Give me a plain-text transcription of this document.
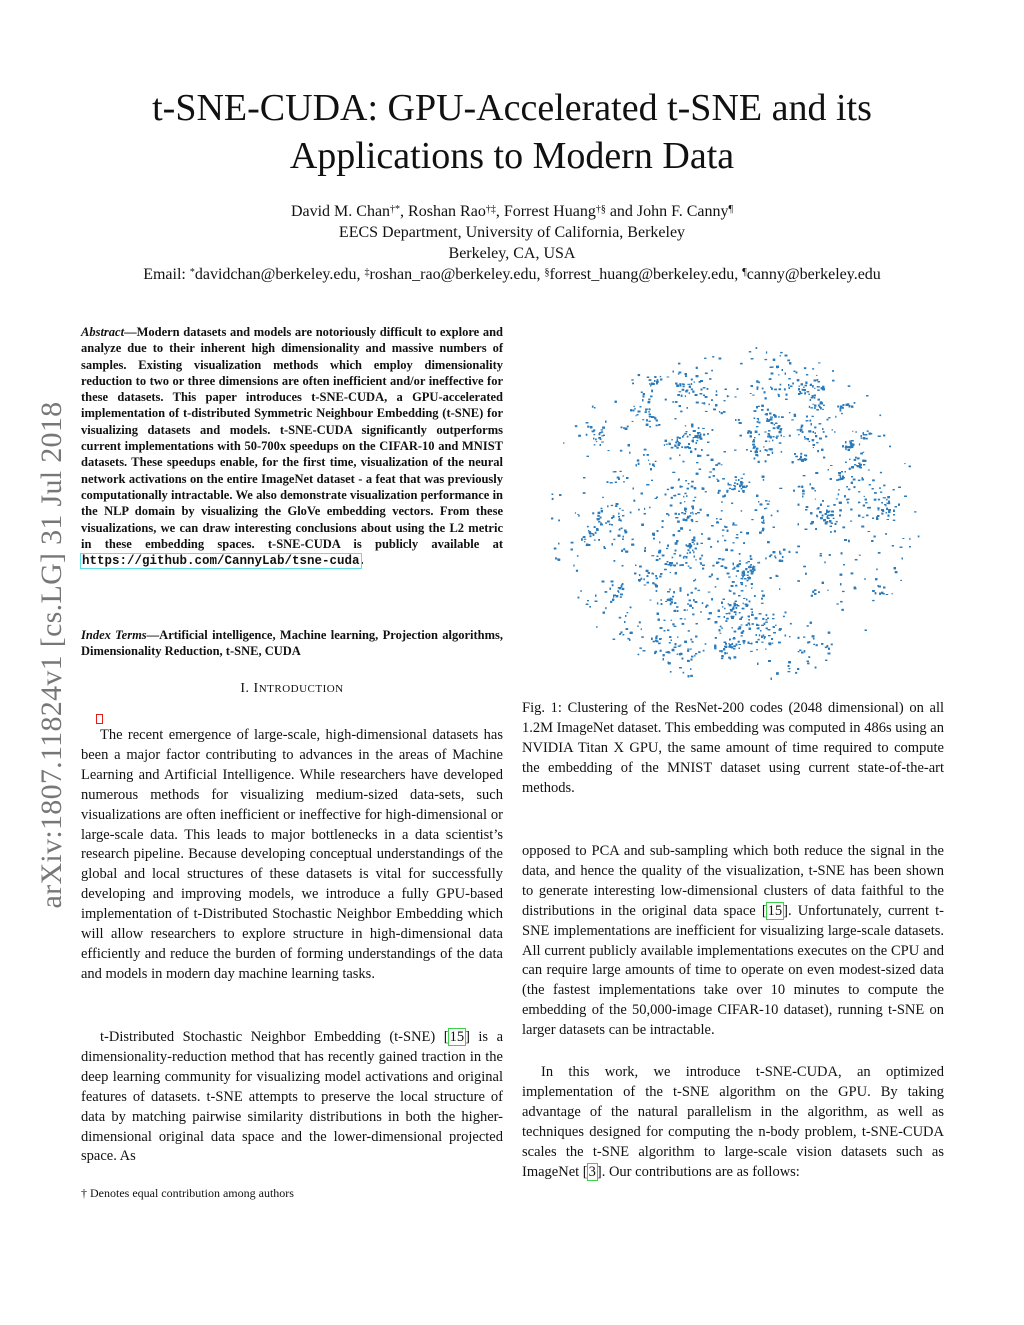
arXiv:1807.11824v1 [cs.LG] 31 Jul 2018
t-SNE-CUDA: GPU-Accelerated t-SNE and its
Applications to Modern Data
David M. Chan†*, Roshan Rao†‡, Forrest Huang†§ and John F. Canny¶
EECS Department, University of California, Berkeley
Berkeley, CA, USA
Email: *davidchan@berkeley.edu, ‡roshan_rao@berkeley.edu, §forrest_huang@berkeley.edu, ¶canny@berkeley.edu
Abstract—Modern datasets and models are notoriously difficult to explore and analyze due to their inherent high dimensionality and massive numbers of samples. Existing visualization methods which employ dimensionality reduction to two or three dimensions are often inefficient and/or ineffective for these datasets. This paper introduces t-SNE-CUDA, a GPU-accelerated implementation of t-distributed Symmetric Neighbour Embedding (t-SNE) for visualizing datasets and models. t-SNE-CUDA significantly outperforms current implementations with 50-700x speedups on the CIFAR-10 and MNIST datasets. These speedups enable, for the first time, visualization of the neural network activations on the entire ImageNet dataset - a feat that was previously computationally intractable. We also demonstrate visualization performance in the NLP domain by visualizing the GloVe embedding vectors. From these visualizations, we can draw interesting conclusions about using the L2 metric in these embedding spaces. t-SNE-CUDA is publicly available at https://github.com/CannyLab/tsne-cuda.
Index Terms—Artificial intelligence, Machine learning, Projection algorithms, Dimensionality Reduction, t-SNE, CUDA
I. INTRODUCTION
The recent emergence of large-scale, high-dimensional datasets has been a major factor contributing to advances in the areas of Machine Learning and Artificial Intelligence. While researchers have developed numerous methods for visualizing medium-sized data-sets, such visualizations are often inefficient or ineffective for high-dimensional or large-scale data. This leads to major bottlenecks in a data scientist’s research pipeline. Because developing conceptual understandings of the global and local structures of these datasets is vital for successfully developing and improving models, we introduce a fully GPU-based implementation of t-Distributed Stochastic Neighbor Embedding which will allow researchers to explore structure in high-dimensional data efficiently and reduce the burden of forming understandings of the data and models in modern day machine learning tasks.
t-Distributed Stochastic Neighbor Embedding (t-SNE) [15] is a dimensionality-reduction method that has recently gained traction in the deep learning community for visualizing model activations and original features of datasets. t-SNE attempts to preserve the local structure of data by matching pairwise similarity distributions in both the higher-dimensional original data space and the lower-dimensional projected space. As
† Denotes equal contribution among authors
Fig. 1: Clustering of the ResNet-200 codes (2048 dimensional) on all 1.2M ImageNet dataset. This embedding was computed in 486s using an NVIDIA Titan X GPU, the same amount of time required to compute the embedding of the MNIST dataset using current state-of-the-art methods.
opposed to PCA and sub-sampling which both reduce the signal in the data, and hence the quality of the visualization, t-SNE has been shown to generate interesting low-dimensional clusters of data faithful to the distributions in the original data space [15]. Unfortunately, current t-SNE implementations are inefficient for visualizing large-scale datasets. All current publicly available implementations executes on the CPU and can require large amounts of time to operate on even modest-sized data (the fastest implementations take over 10 minutes to compute the embedding of the 50,000-image CIFAR-10 dataset), running t-SNE on larger datasets can be intractable.
In this work, we introduce t-SNE-CUDA, an optimized implementation of the t-SNE algorithm on the GPU. By taking advantage of the natural parallelism in the algorithm, as well as techniques designed for computing the n-body problem, t-SNE-CUDA scales the t-SNE algorithm to large-scale vision datasets such as ImageNet [3]. Our contributions are as follows:
